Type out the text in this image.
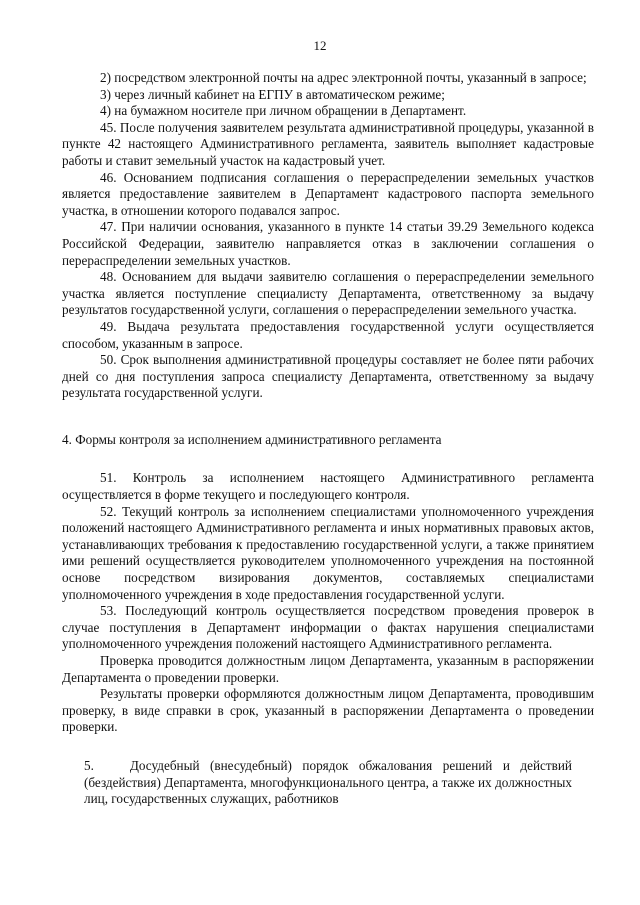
12

2) посредством электронной почты на адрес электронной почты, указанный в запросе;

3) через личный кабинет на ЕГПУ в автоматическом режиме;

4) на бумажном носителе при личном обращении в Департамент.

45. После получения заявителем результата административной процедуры, указанной в пункте 42 настоящего Административного регламента, заявитель выполняет кадастровые работы и ставит земельный участок на кадастровый учет.

46. Основанием подписания соглашения о перераспределении земельных участков является предоставление заявителем в Департамент кадастрового паспорта земельного участка, в отношении которого подавался запрос.

47. При наличии основания, указанного в пункте 14 статьи 39.29 Земельного кодекса Российской Федерации, заявителю направляется отказ в заключении соглашения о перераспределении земельных участков.

48. Основанием для выдачи заявителю соглашения о перераспределении земельного участка является поступление специалисту Департамента, ответственному за выдачу результатов государственной услуги, соглашения о перераспределении земельного участка.

49. Выдача результата предоставления государственной услуги осуществляется способом, указанным в запросе.

50. Срок выполнения административной процедуры составляет не более пяти рабочих дней со дня поступления запроса специалисту Департамента, ответственному за выдачу результата государственной услуги.

4. Формы контроля за исполнением административного регламента

51. Контроль за исполнением настоящего Административного регламента осуществляется в форме текущего и последующего контроля.

52. Текущий контроль за исполнением специалистами уполномоченного учреждения положений настоящего Административного регламента и иных нормативных правовых актов, устанавливающих требования к предоставлению государственной услуги, а также принятием ими решений осуществляется руководителем уполномоченного учреждения на постоянной основе посредством визирования документов, составляемых специалистами уполномоченного учреждения в ходе предоставления государственной услуги.

53. Последующий контроль осуществляется посредством проведения проверок в случае поступления в Департамент информации о фактах нарушения специалистами уполномоченного учреждения положений настоящего Административного регламента.

Проверка проводится должностным лицом Департамента, указанным в распоряжении Департамента о проведении проверки.

Результаты проверки оформляются должностным лицом Департамента, проводившим проверку, в виде справки в срок, указанный в распоряжении Департамента о проведении проверки.

5.	Досудебный (внесудебный) порядок обжалования решений и действий (бездействия) Департамента, многофункционального центра, а также их должностных лиц, государственных служащих, работников
